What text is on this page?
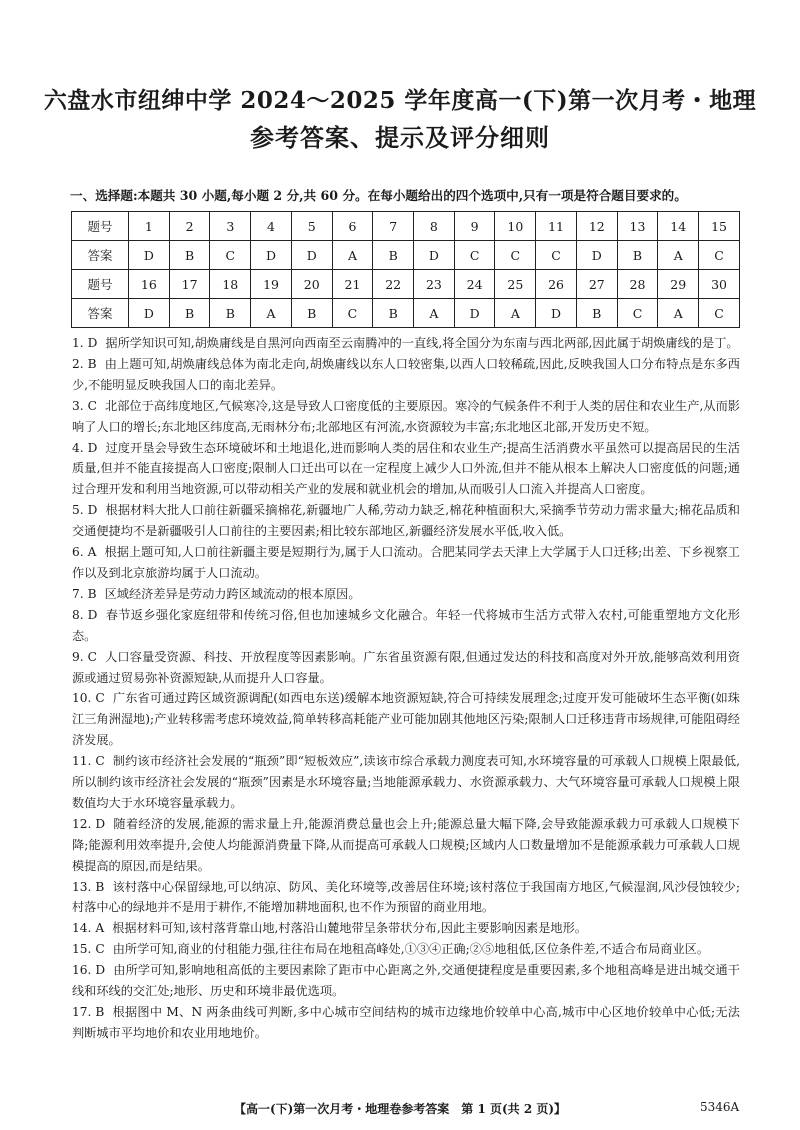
六盘水市纽绅中学 2024～2025 学年度高一(下)第一次月考・地理
参考答案、提示及评分细则
一、选择题:本题共 30 小题,每小题 2 分,共 60 分。在每小题给出的四个选项中,只有一项是符合题目要求的。
题号	1	2	3	4	5	6	7	8	9	10	11	12	13	14	15
答案	D	B	C	D	D	A	B	D	C	C	C	D	B	A	C
题号	16	17	18	19	20	21	22	23	24	25	26	27	28	29	30
答案	D	B	B	A	B	C	B	A	D	A	D	B	C	A	C
1. D 据所学知识可知,胡焕庸线是自黑河向西南至云南腾冲的一直线,将全国分为东南与西北两部,因此属于胡焕庸线的是丁。
2. B 由上题可知,胡焕庸线总体为南北走向,胡焕庸线以东人口较密集,以西人口较稀疏,因此,反映我国人口分布特点是东多西少,不能明显反映我国人口的南北差异。
3. C 北部位于高纬度地区,气候寒冷,这是导致人口密度低的主要原因。寒冷的气候条件不利于人类的居住和农业生产,从而影响了人口的增长;东北地区纬度高,无雨林分布;北部地区有河流,水资源较为丰富;东北地区北部,开发历史不短。
4. D 过度开垦会导致生态环境破坏和土地退化,进而影响人类的居住和农业生产;提高生活消费水平虽然可以提高居民的生活质量,但并不能直接提高人口密度;限制人口迁出可以在一定程度上减少人口外流,但并不能从根本上解决人口密度低的问题;通过合理开发和利用当地资源,可以带动相关产业的发展和就业机会的增加,从而吸引人口流入并提高人口密度。
5. D 根据材料大批人口前往新疆采摘棉花,新疆地广人稀,劳动力缺乏,棉花种植面积大,采摘季节劳动力需求量大;棉花品质和交通便捷均不是新疆吸引人口前往的主要因素;相比较东部地区,新疆经济发展水平低,收入低。
6. A 根据上题可知,人口前往新疆主要是短期行为,属于人口流动。合肥某同学去天津上大学属于人口迁移;出差、下乡视察工作以及到北京旅游均属于人口流动。
7. B 区域经济差异是劳动力跨区域流动的根本原因。
8. D 春节返乡强化家庭纽带和传统习俗,但也加速城乡文化融合。年轻一代将城市生活方式带入农村,可能重塑地方文化形态。
9. C 人口容量受资源、科技、开放程度等因素影响。广东省虽资源有限,但通过发达的科技和高度对外开放,能够高效利用资源或通过贸易弥补资源短缺,从而提升人口容量。
10. C 广东省可通过跨区域资源调配(如西电东送)缓解本地资源短缺,符合可持续发展理念;过度开发可能破坏生态平衡(如珠江三角洲湿地);产业转移需考虑环境效益,简单转移高耗能产业可能加剧其他地区污染;限制人口迁移违背市场规律,可能阻碍经济发展。
11. C 制约该市经济社会发展的“瓶颈”即“短板效应”,读该市综合承载力测度表可知,水环境容量的可承载人口规模上限最低,所以制约该市经济社会发展的“瓶颈”因素是水环境容量;当地能源承载力、水资源承载力、大气环境容量可承载人口规模上限数值均大于水环境容量承载力。
12. D 随着经济的发展,能源的需求量上升,能源消费总量也会上升;能源总量大幅下降,会导致能源承载力可承载人口规模下降;能源利用效率提升,会使人均能源消费量下降,从而提高可承载人口规模;区域内人口数量增加不是能源承载力可承载人口规模提高的原因,而是结果。
13. B 该村落中心保留绿地,可以纳凉、防风、美化环境等,改善居住环境;该村落位于我国南方地区,气候湿润,风沙侵蚀较少;村落中心的绿地并不是用于耕作,不能增加耕地面积,也不作为预留的商业用地。
14. A 根据材料可知,该村落背靠山地,村落沿山麓地带呈条带状分布,因此主要影响因素是地形。
15. C 由所学可知,商业的付租能力强,往往布局在地租高峰处,①③④正确;②⑤地租低,区位条件差,不适合布局商业区。
16. D 由所学可知,影响地租高低的主要因素除了距市中心距离之外,交通便捷程度是重要因素,多个地租高峰是进出城交通干线和环线的交汇处;地形、历史和环境非最优选项。
17. B 根据图中 M、N 两条曲线可判断,多中心城市空间结构的城市边缘地价较单中心高,城市中心区地价较单中心低;无法判断城市平均地价和农业用地地价。
【高一(下)第一次月考・地理卷参考答案　第 1 页(共 2 页)】	5346A
